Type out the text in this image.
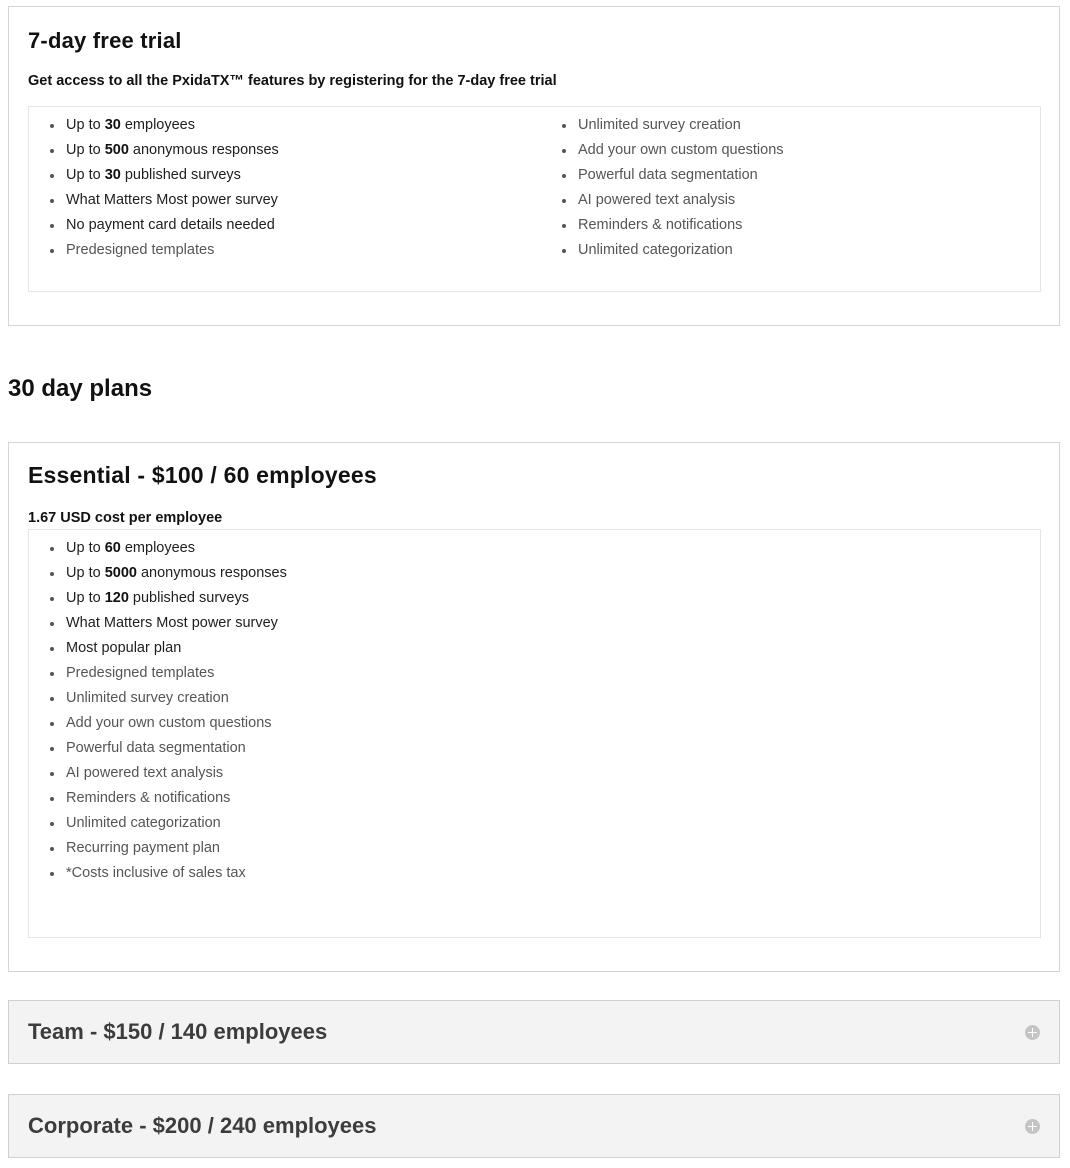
7-day free trial

Get access to all the PxidaTX™ features by registering for the 7-day free trial

Up to 30 employees
Up to 500 anonymous responses
Up to 30 published surveys
What Matters Most power survey
No payment card details needed
Predesigned templates
Unlimited survey creation
Add your own custom questions
Powerful data segmentation
AI powered text analysis
Reminders & notifications
Unlimited categorization
30 day plans
Essential - $100 / 60 employees

1.67 USD cost per employee

Up to 60 employees
Up to 5000 anonymous responses
Up to 120 published surveys
What Matters Most power survey
Most popular plan
Predesigned templates
Unlimited survey creation
Add your own custom questions
Powerful data segmentation
AI powered text analysis
Reminders & notifications
Unlimited categorization
Recurring payment plan
*Costs inclusive of sales tax
Team - $150 / 140 employees
Corporate - $200 / 240 employees
